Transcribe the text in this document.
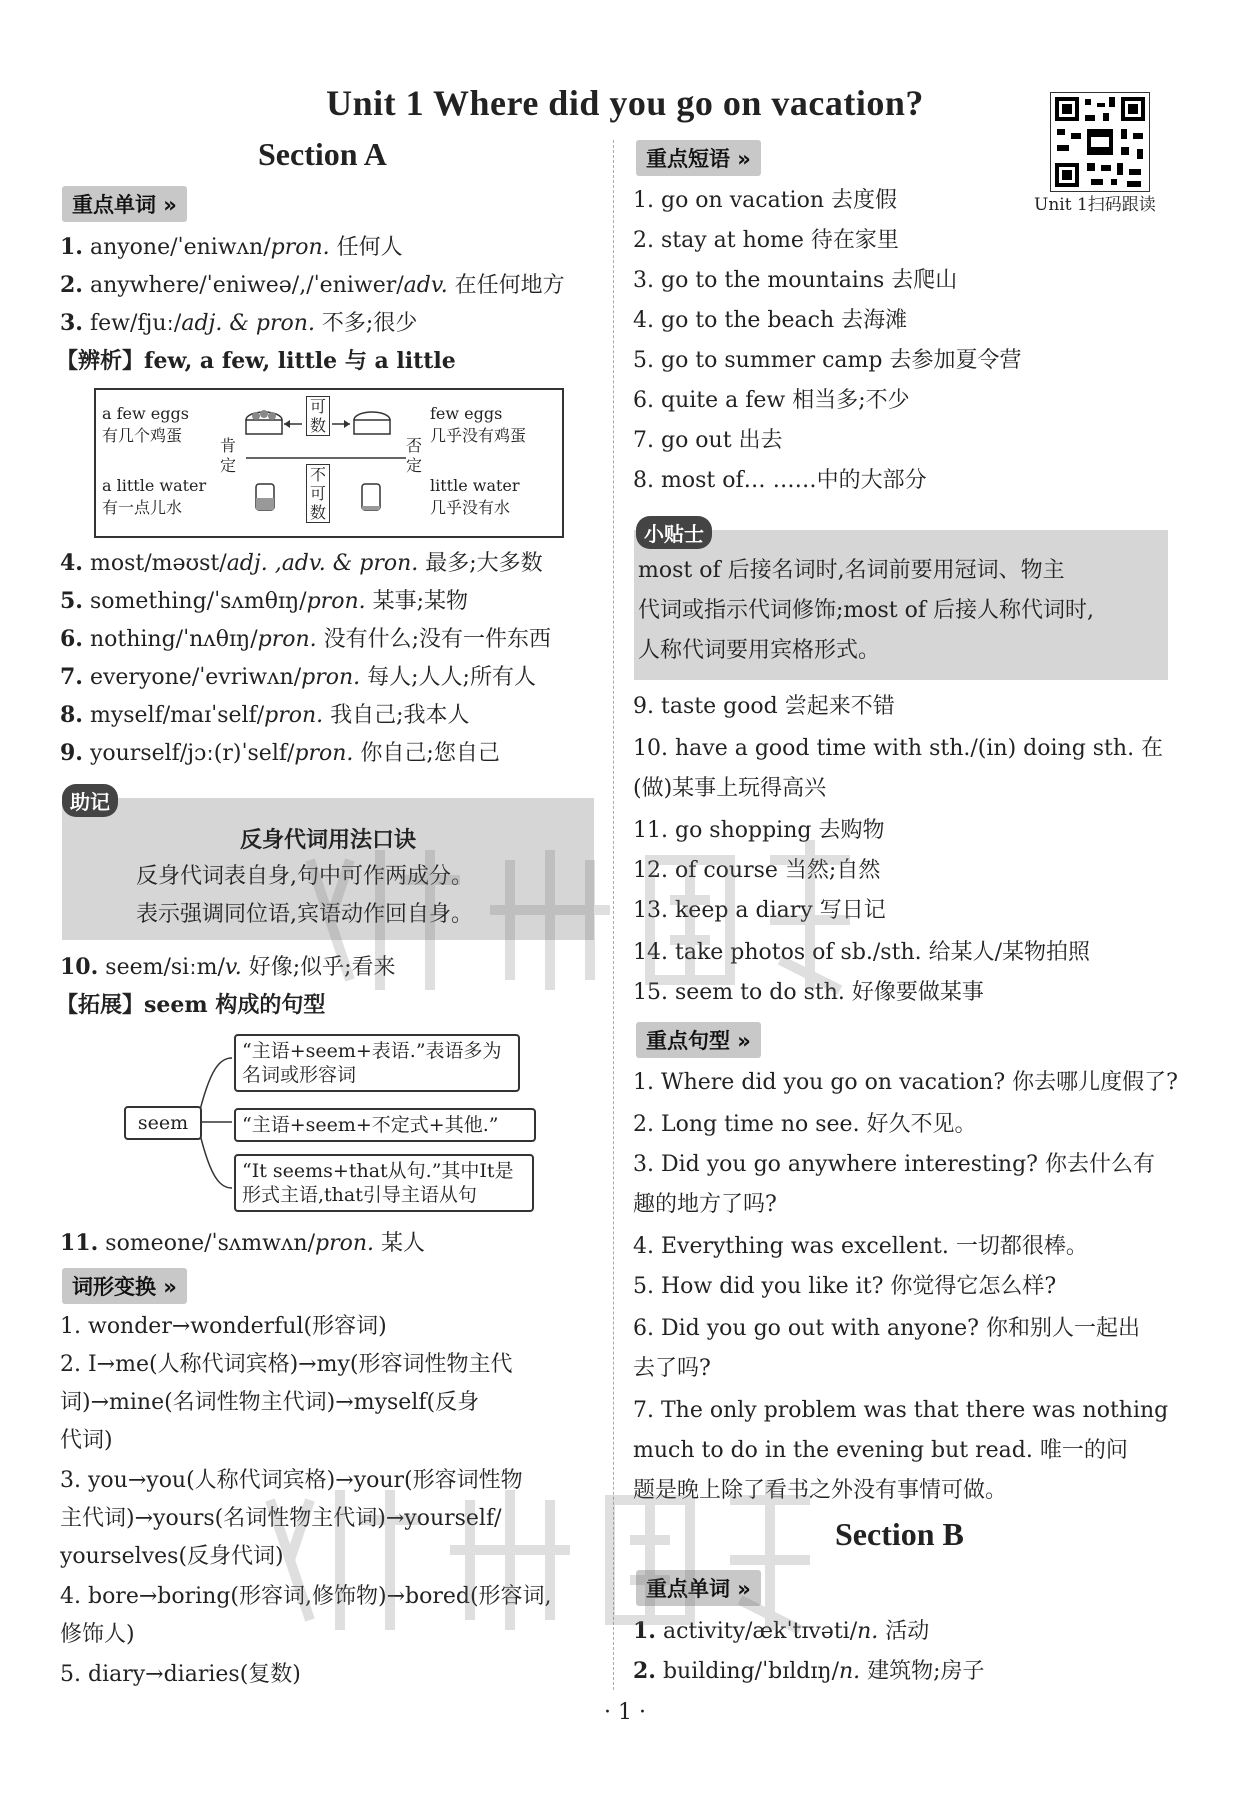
Unit 1 Where did you go on vacation?
Section A
Unit 1扫码跟读
重点单词 »
1. anyone/ˈeniwʌn/pron. 任何人
2. anywhere/ˈeniweə/,/ˈeniwer/adv. 在任何地方
3. few/fjuː/adj. & pron. 不多;很少
【辨析】few, a few, little 与 a little
a few eggs
有几个鸡蛋
a little water
有一点儿水
few eggs
几乎没有鸡蛋
little water
几乎没有水
肯定
否定
可数
不可数
4. most/məʊst/adj. ,adv. & pron. 最多;大多数
5. something/ˈsʌmθɪŋ/pron. 某事;某物
6. nothing/ˈnʌθɪŋ/pron. 没有什么;没有一件东西
7. everyone/ˈevriwʌn/pron. 每人;人人;所有人
8. myself/maɪˈself/pron. 我自己;我本人
9. yourself/jɔː(r)ˈself/pron. 你自己;您自己
反身代词用法口诀
反身代词表自身,句中可作两成分。
表示强调同位语,宾语动作回自身。
助记
10. seem/siːm/v. 好像;似乎;看来
【拓展】seem 构成的句型
seem
“主语+seem+表语.”表语多为名词或形容词
“主语+seem+不定式+其他.”
“It seems+that从句.”其中It是形式主语,that引导主语从句
11. someone/ˈsʌmwʌn/pron. 某人
词形变换 »
1. wonder→wonderful(形容词)
2. I→me(人称代词宾格)→my(形容词性物主代
词)→mine(名词性物主代词)→myself(反身
代词)
3. you→you(人称代词宾格)→your(形容词性物
主代词)→yours(名词性物主代词)→yourself/
yourselves(反身代词)
4. bore→boring(形容词,修饰物)→bored(形容词,
修饰人)
5. diary→diaries(复数)
重点短语 »
1. go on vacation 去度假
2. stay at home 待在家里
3. go to the mountains 去爬山
4. go to the beach 去海滩
5. go to summer camp 去参加夏令营
6. quite a few 相当多;不少
7. go out 出去
8. most of… ……中的大部分
most of 后接名词时,名词前要用冠词、物主
代词或指示代词修饰;most of 后接人称代词时,
人称代词要用宾格形式。
小贴士
9. taste good 尝起来不错
10. have a good time with sth./(in) doing sth. 在
(做)某事上玩得高兴
11. go shopping 去购物
12. of course 当然;自然
13. keep a diary 写日记
14. take photos of sb./sth. 给某人/某物拍照
15. seem to do sth. 好像要做某事
重点句型 »
1. Where did you go on vacation? 你去哪儿度假了?
2. Long time no see. 好久不见。
3. Did you go anywhere interesting? 你去什么有
趣的地方了吗?
4. Everything was excellent. 一切都很棒。
5. How did you like it? 你觉得它怎么样?
6. Did you go out with anyone? 你和别人一起出
去了吗?
7. The only problem was that there was nothing
much to do in the evening but read. 唯一的问
题是晚上除了看书之外没有事情可做。
Section B
重点单词 »
1. activity/ækˈtɪvəti/n. 活动
2. building/ˈbɪldɪŋ/n. 建筑物;房子
· 1 ·
